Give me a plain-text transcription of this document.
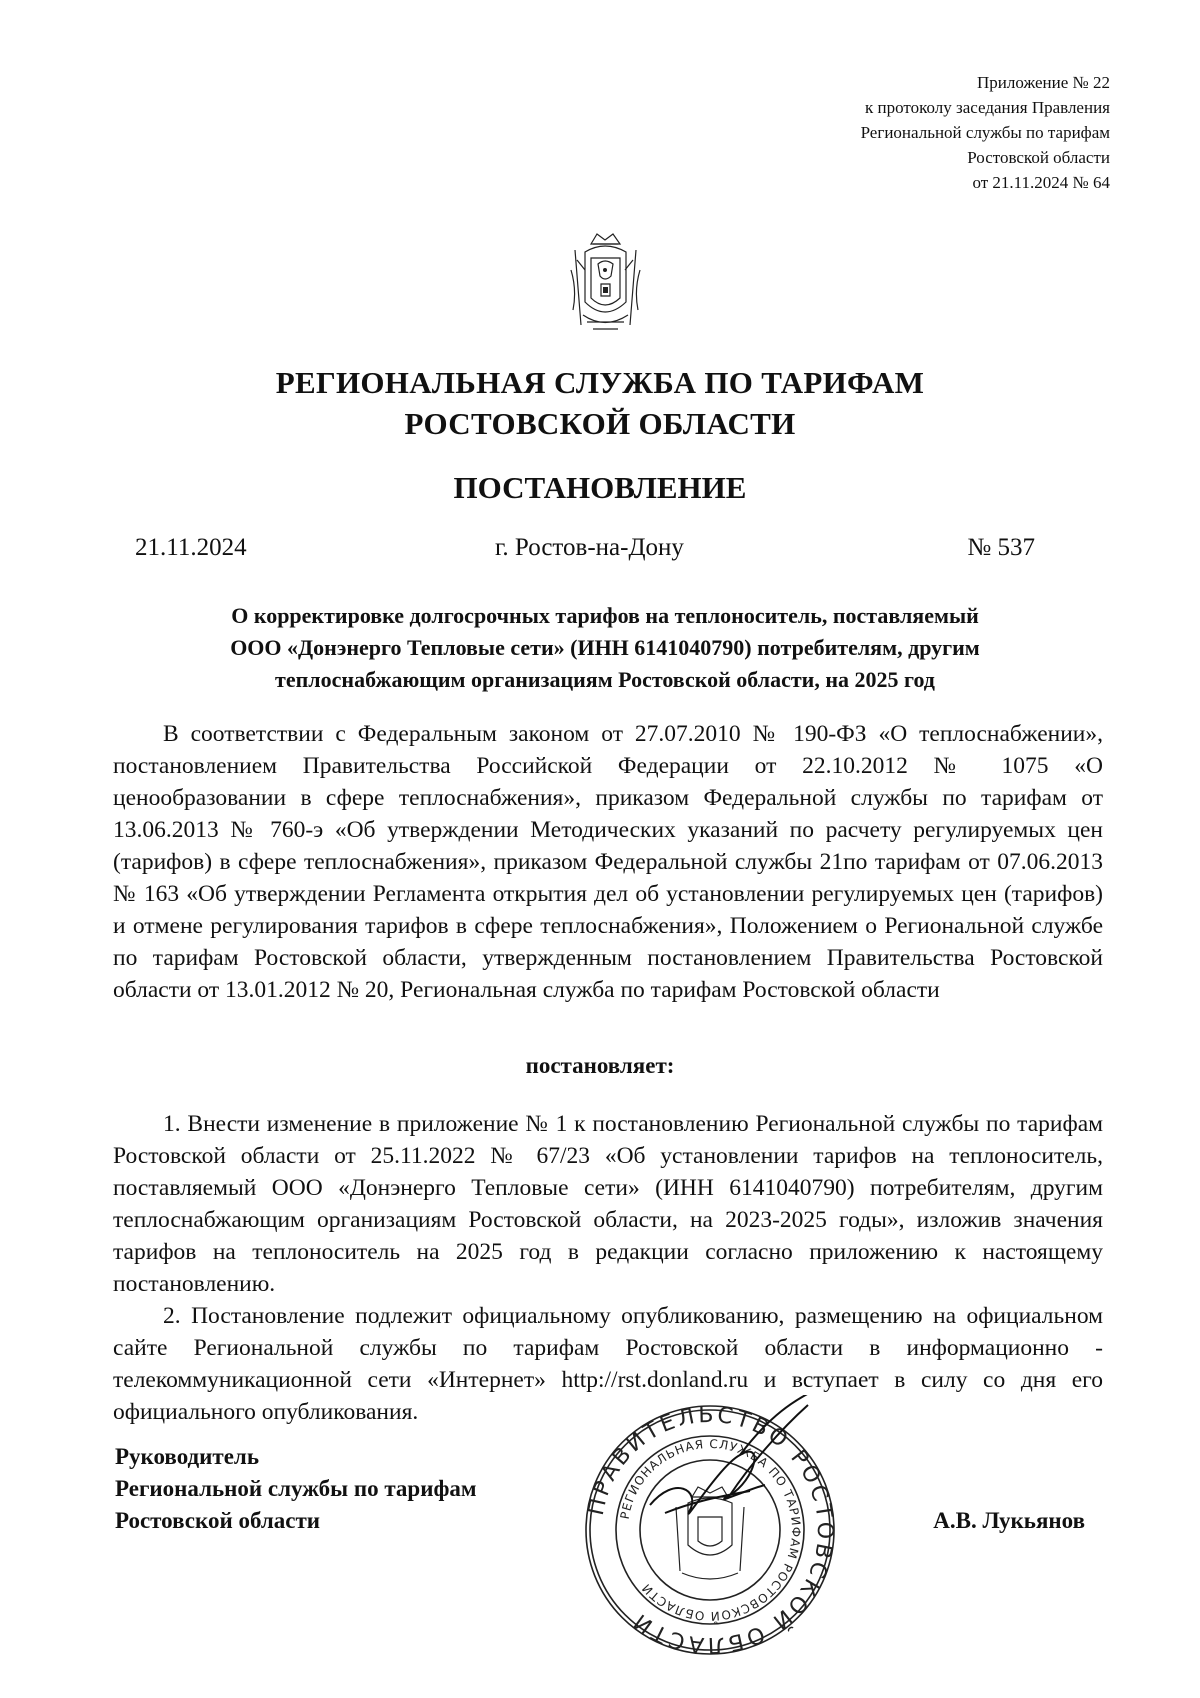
Приложение № 22
к протоколу заседания Правления
Региональной службы по тарифам
Ростовской области
от 21.11.2024 № 64
РЕГИОНАЛЬНАЯ СЛУЖБА ПО ТАРИФАМ
РОСТОВСКОЙ ОБЛАСТИ
ПОСТАНОВЛЕНИЕ
21.11.2024	г. Ростов-на-Дону	№ 537
О корректировке долгосрочных тарифов на теплоноситель, поставляемый
ООО «Донэнерго Тепловые сети» (ИНН 6141040790) потребителям, другим
теплоснабжающим организациям Ростовской области, на 2025 год

В соответствии с Федеральным законом от 27.07.2010 № 190-ФЗ «О теплоснабжении», постановлением Правительства Российской Федерации от 22.10.2012 № 1075 «О ценообразовании в сфере теплоснабжения», приказом Федеральной службы по тарифам от 13.06.2013 № 760-э «Об утверждении Методических указаний по расчету регулируемых цен (тарифов) в сфере теплоснабжения», приказом Федеральной службы 21по тарифам от 07.06.2013 № 163 «Об утверждении Регламента открытия дел об установлении регулируемых цен (тарифов) и отмене регулирования тарифов в сфере теплоснабжения», Положением о Региональной службе по тарифам Ростовской области, утвержденным постановлением Правительства Ростовской области от 13.01.2012 № 20, Региональная служба по тарифам Ростовской области

постановляет:

1. Внести изменение в приложение № 1 к постановлению Региональной службы по тарифам Ростовской области от 25.11.2022 № 67/23 «Об установлении тарифов на теплоноситель, поставляемый ООО «Донэнерго Тепловые сети» (ИНН 6141040790) потребителям, другим теплоснабжающим организациям Ростовской области, на 2023-2025 годы», изложив значения тарифов на теплоноситель на 2025 год в редакции согласно приложению к настоящему постановлению.

2. Постановление подлежит официальному опубликованию, размещению на официальном сайте Региональной службы по тарифам Ростовской области в информационно - телекоммуникационной сети «Интернет» http://rst.donland.ru и вступает в силу со дня его официального опубликования.

Руководитель
Региональной службы по тарифам
Ростовской области
ПРАВИТЕЛЬСТВО РОСТОВСКОЙ ОБЛАСТИ
РЕГИОНАЛЬНАЯ СЛУЖБА ПО ТАРИФАМ РОСТОВСКОЙ ОБЛАСТИ
А.В. Лукьянов
